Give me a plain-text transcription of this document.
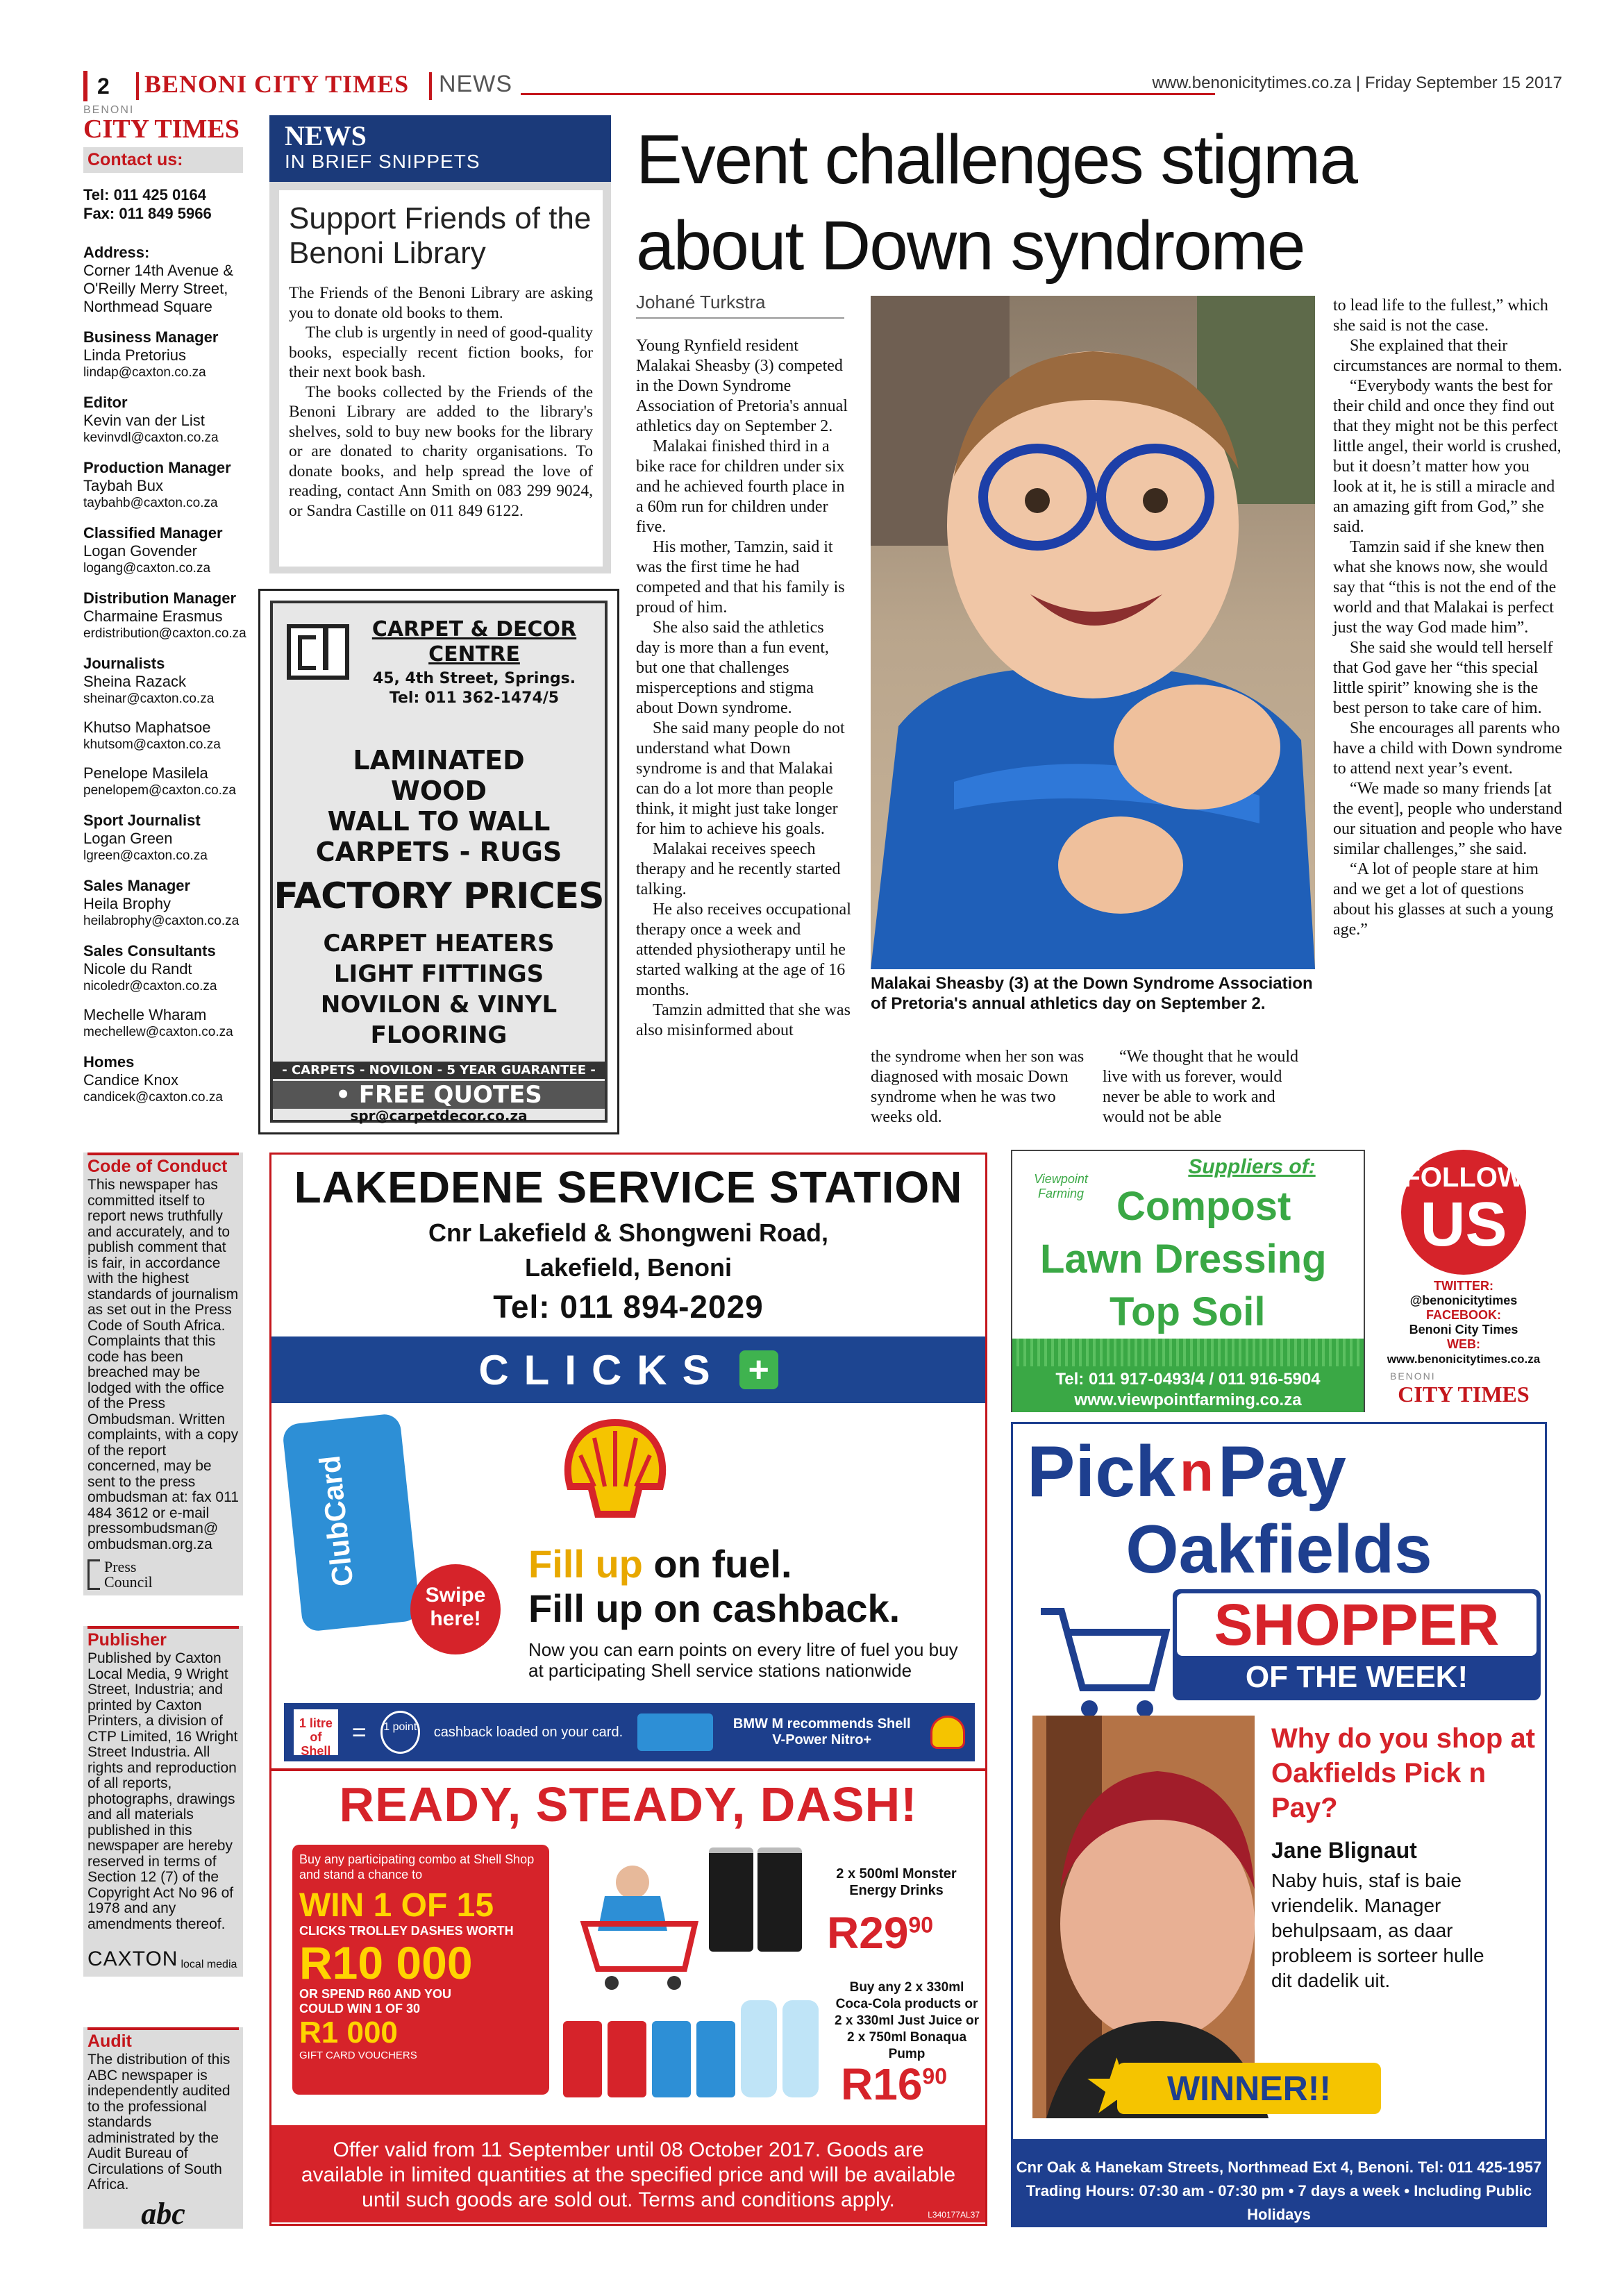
2	BENONI CITY TIMES NEWS	www.benonicitytimes.co.za | Friday September 15 2017
BENONI
CITY TIMES
Contact us:
Tel: 011 425 0164
Fax: 011 849 5966
Address:
Corner 14th Avenue &
O'Reilly Merry Street,
Northmead Square
Business Manager
Linda Pretorius
lindap@caxton.co.za
Editor
Kevin van der List
kevinvdl@caxton.co.za
Production Manager
Taybah Bux
taybahb@caxton.co.za
Classified Manager
Logan Govender
logang@caxton.co.za
Distribution Manager
Charmaine Erasmus
erdistribution@caxton.co.za
Journalists
Sheina Razack
sheinar@caxton.co.za
Khutso Maphatsoe
khutsom@caxton.co.za
Penelope Masilela
penelopem@caxton.co.za
Sport Journalist
Logan Green
lgreen@caxton.co.za
Sales Manager
Heila Brophy
heilabrophy@caxton.co.za
Sales Consultants
Nicole du Randt
nicoledr@caxton.co.za
Mechelle Wharam
mechellew@caxton.co.za
Homes
Candice Knox
candicek@caxton.co.za
Code of Conduct
This newspaper has committed itself to report news truthfully and accurately, and to publish comment that is fair, in accordance with the highest standards of journalism as set out in the Press Code of South Africa. Complaints that this code has been breached may be lodged with the office of the Press Ombudsman. Written complaints, with a copy of the report concerned, may be sent to the press ombudsman at: fax 011 484 3612 or e-mail pressombudsman@ ombudsman.org.za
Press Council
Publisher
Published by Caxton Local Media, 9 Wright Street, Industria; and printed by Caxton Printers, a division of CTP Limited, 16 Wright Street Industria. All rights and reproduction of all reports, photographs, drawings and all materials published in this newspaper are hereby reserved in terms of Section 12 (7) of the Copyright Act No 96 of 1978 and any amendments thereof.
CAXTON local media
Audit
The distribution of this ABC newspaper is independently audited to the professional standards administrated by the Audit Bureau of Circulations of South Africa.
abc
NEWS
IN BRIEF SNIPPETS
Support Friends of the Benoni Library

The Friends of the Benoni Library are asking you to donate old books to them.

The club is urgently in need of good-quality books, especially recent fiction books, for their next book bash.

The books collected by the Friends of the Benoni Library are added to the library's shelves, sold to buy new books for the library or are donated to charity organisations. To donate books, and help spread the love of reading, contact Ann Smith on 083 299 9024, or Sandra Castille on 011 849 6122.

Event challenges stigma about Down syndrome
Johané Turkstra

Young Rynfield resident Malakai Sheasby (3) competed in the Down Syndrome Association of Pretoria's annual athletics day on September 2.

Malakai finished third in a bike race for children under six and he achieved fourth place in a 60m run for children under five.

His mother, Tamzin, said it was the first time he had competed and that his family is proud of him.

She also said the athletics day is more than a fun event, but one that challenges misperceptions and stigma about Down syndrome.

She said many people do not understand what Down syndrome is and that Malakai can do a lot more than people think, it might just take longer for him to achieve his goals.

Malakai receives speech therapy and he recently started talking.

He also receives occupational therapy once a week and attended physiotherapy until he started walking at the age of 16 months.

Tamzin admitted that she was also misinformed about

Malakai Sheasby (3) at the Down Syndrome Association of Pretoria's annual athletics day on September 2.

the syndrome when her son was diagnosed with mosaic Down syndrome when he was two weeks old.

“We thought that he would live with us forever, would never be able to work and would not be able

to lead life to the fullest,” which she said is not the case.

She explained that their circumstances are normal to them.

“Everybody wants the best for their child and once they find out that they might not be this perfect little angel, their world is crushed, but it doesn’t matter how you look at it, he is still a miracle and an amazing gift from God,” she said.

Tamzin said if she knew then what she knows now, she would say that “this is not the end of the world and that Malakai is perfect just the way God made him”.

She said she would tell herself that God gave her “this special little spirit” knowing she is the best person to take care of him.

She encourages all parents who have a child with Down syndrome to attend next year’s event.

“We made so many friends [at the event], people who understand our situation and people who have similar challenges,” she said.

“A lot of people stare at him and we get a lot of questions about his glasses at such a young age.”

CARPET & DECOR
CENTRE
45, 4th Street, Springs.
Tel: 011 362-1474/5
LAMINATED
WOOD
WALL TO WALL
CARPETS - RUGS
FACTORY PRICES
CARPET HEATERS
LIGHT FITTINGS
NOVILON & VINYL
FLOORING
- CARPETS - NOVILON - 5 YEAR GUARANTEE -
• FREE QUOTES
spr@carpetdecor.co.za
LAKEDENE SERVICE STATION
Cnr Lakefield & Shongweni Road,
Lakefield, Benoni
Tel: 011 894-2029
CLICKS +
ClubCard
Swipe here!
Fill up on fuel.
Fill up on cashback.
Now you can earn points on every litre of fuel you buy at participating Shell service stations nationwide
1 litre of Shell
= 1 point cashback loaded on your card.
BMW M recommends Shell V-Power Nitro+
READY, STEADY, DASH!
Buy any participating combo at Shell Shop and stand a chance to
WIN 1 OF 15
CLICKS TROLLEY DASHES WORTH
R10 000
OR SPEND R60 AND YOU COULD WIN 1 OF 30
R1 000
GIFT CARD VOUCHERS
2 x 500ml Monster Energy Drinks
$R29^{90}$
Buy any 2 x 330ml Coca-Cola products or 2 x 330ml Just Juice or 2 x 750ml Bonaqua Pump
$R16^{90}$
Offer valid from 11 September until 08 October 2017. Goods are available in limited quantities at the specified price and will be available until such goods are sold out. Terms and conditions apply.
L340177AL37
Viewpoint Farming
Suppliers of:
Compost
Lawn Dressing
Top Soil
Tel: 011 917-0493/4 / 011 916-5904
www.viewpointfarming.co.za
FOLLOW
US
TWITTER:
@benonicitytimes
FACEBOOK:
Benoni City Times
WEB:
www.benonicitytimes.co.za
BENONI
CITY TIMES
Pick n Pay
Oakfields
SHOPPER
OF THE WEEK!
Why do you shop at Oakfields Pick n Pay?
Jane Blignaut
Naby huis, staf is baie vriendelik. Manager behulpsaam, as daar probleem is sorteer hulle dit dadelik uit.
WINNER!!
★
Cnr Oak & Hanekam Streets, Northmead Ext 4, Benoni. Tel: 011 425-1957
Trading Hours: 07:30 am - 07:30 pm • 7 days a week • Including Public Holidays
